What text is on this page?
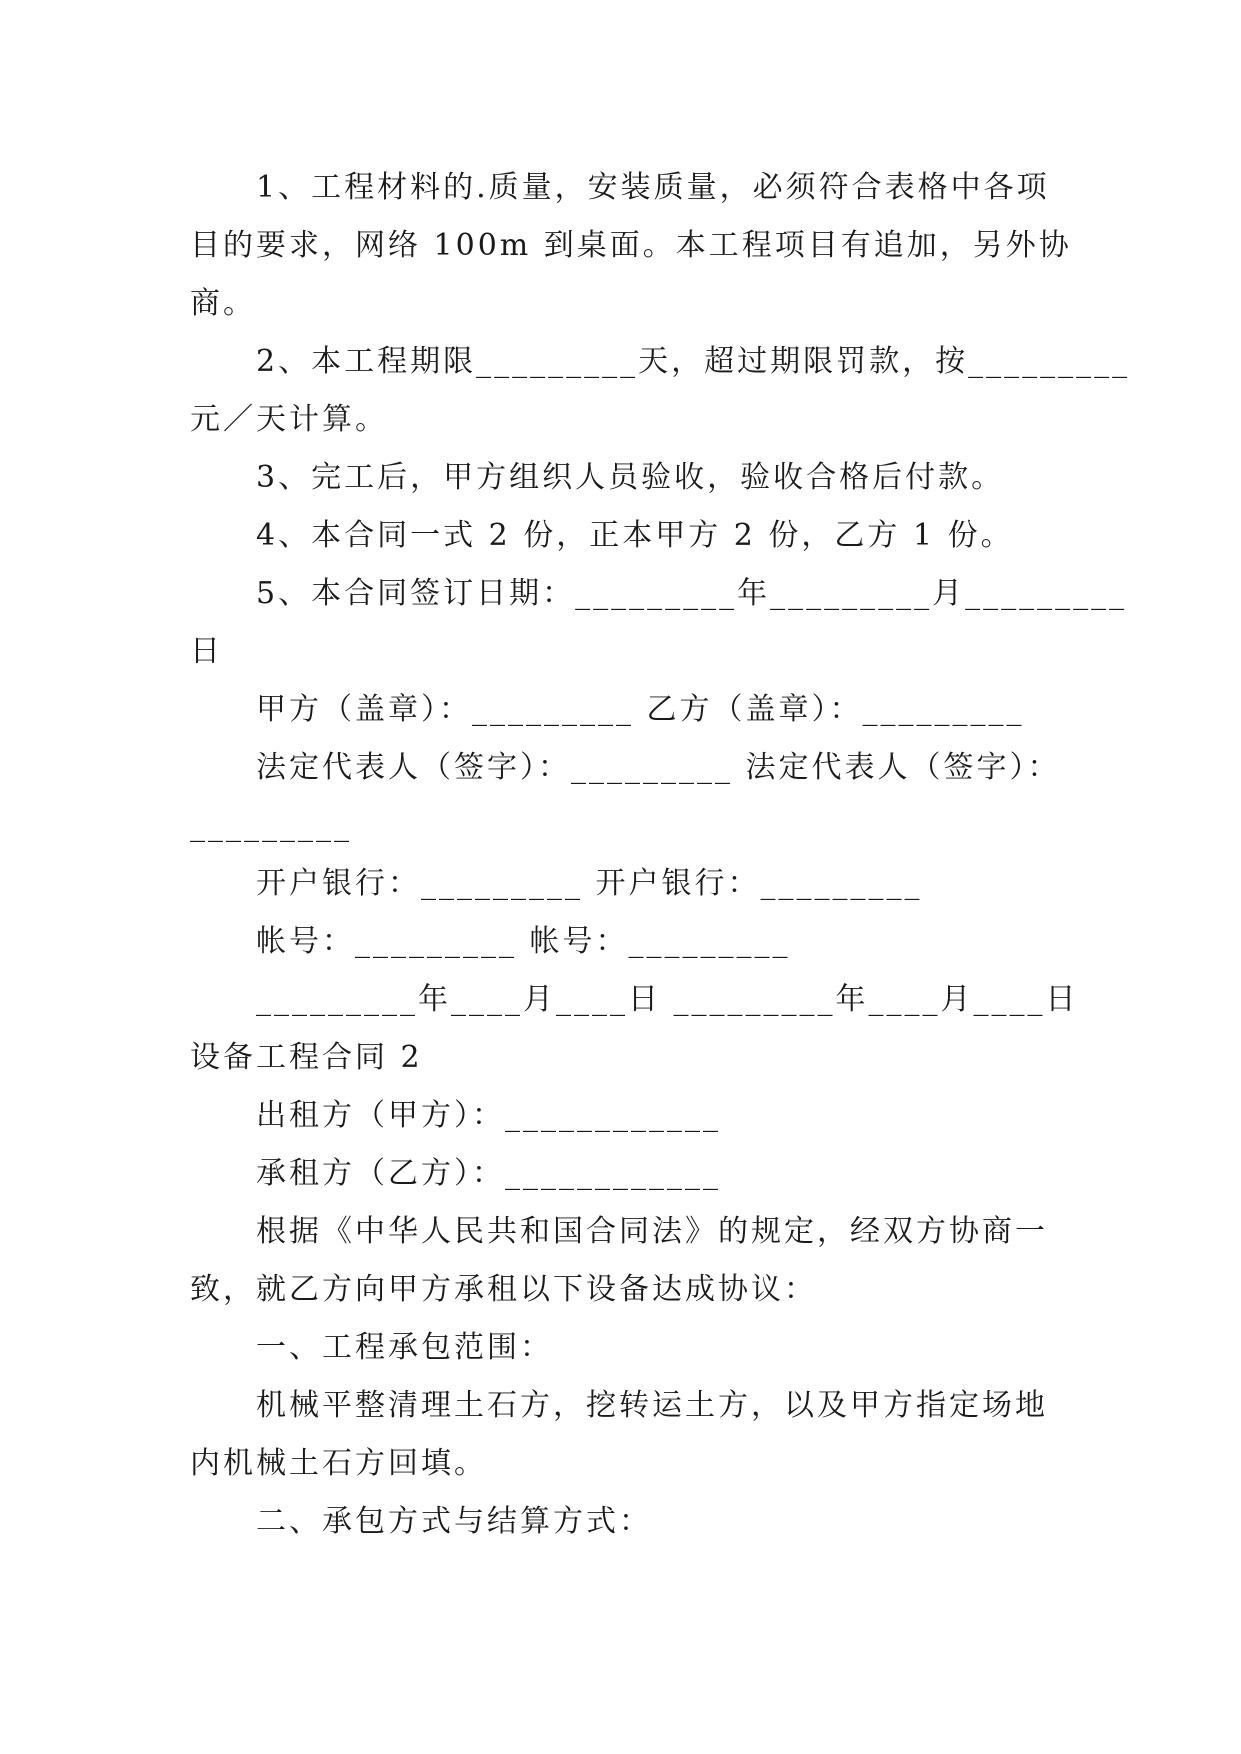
1、工程材料的.质量，安装质量，必须符合表格中各项
目的要求，网络 100m 到桌面。本工程项目有追加，另外协
商。
2、本工程期限_________天，超过期限罚款，按_________
元／天计算。
3、完工后，甲方组织人员验收，验收合格后付款。
4、本合同一式 2 份，正本甲方 2 份，乙方 1 份。
5、本合同签订日期：_________年_________月_________
日
甲方（盖章）：_________ 乙方（盖章）：_________
法定代表人（签字）：_________ 法定代表人（签字）：
_________
开户银行：_________ 开户银行：_________
帐号：_________ 帐号：_________
_________年____月____日 _________年____月____日
设备工程合同 2
出租方（甲方）：____________
承租方（乙方）：____________
根据《中华人民共和国合同法》的规定，经双方协商一
致，就乙方向甲方承租以下设备达成协议：
一、工程承包范围：
机械平整清理土石方，挖转运土方，以及甲方指定场地
内机械土石方回填。
二、承包方式与结算方式：
